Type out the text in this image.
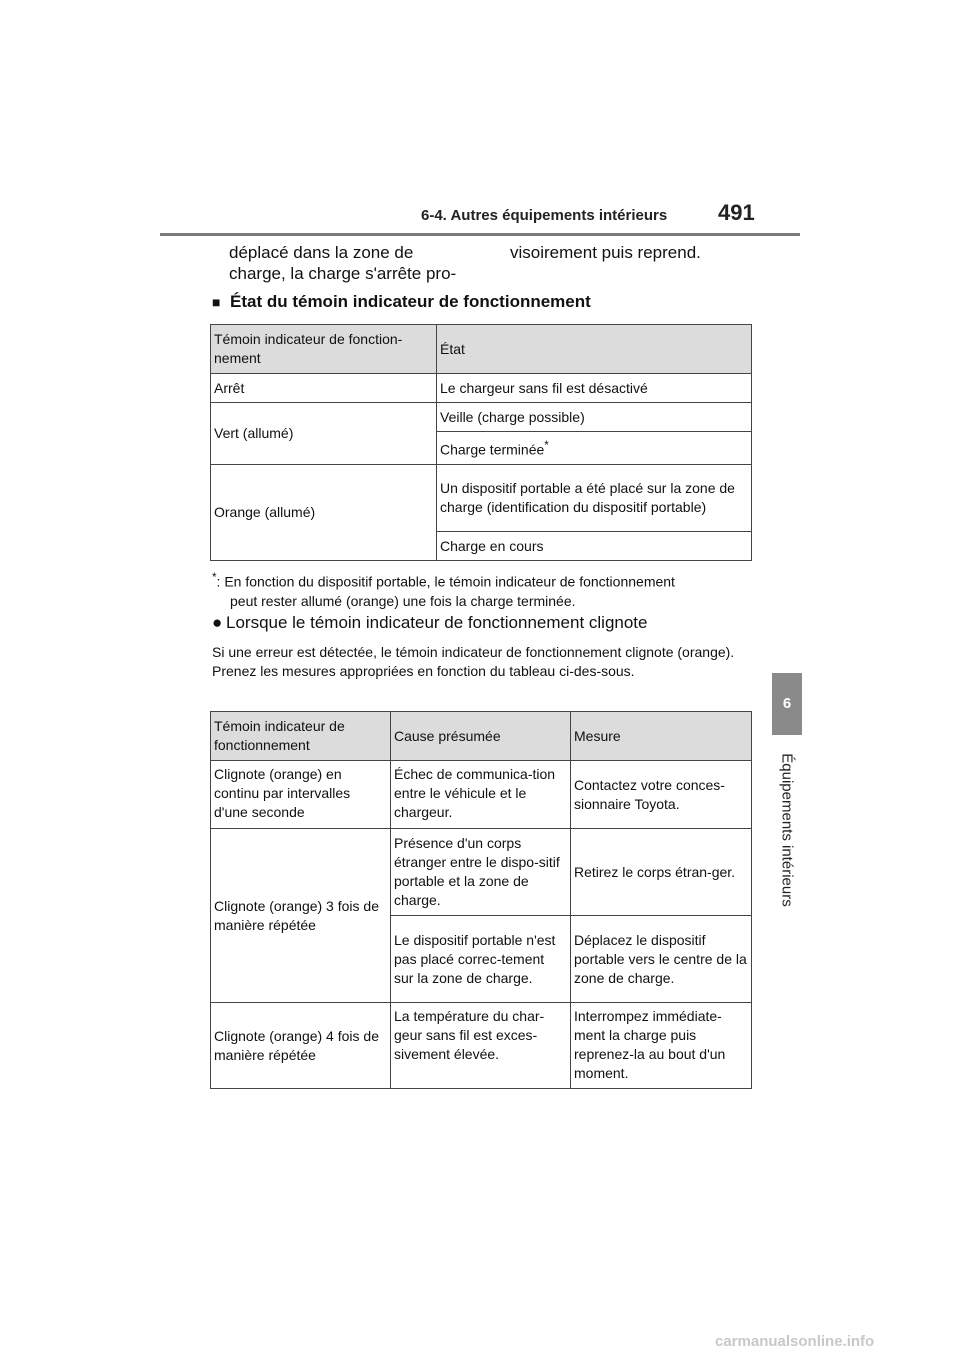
6-4. Autres équipements intérieurs 491
6
Équipements intérieurs
déplacé dans la zone de
charge, la charge s'arrête pro-
visoirement puis reprend.
■ État du témoin indicateur de fonctionnement
Témoin indicateur de fonction-
nement	État
Arrêt	Le chargeur sans fil est désactivé
Vert (allumé)	Veille (charge possible)
	Charge terminée*
Orange (allumé)	Un dispositif portable a été placé sur la zone de charge (identification du dispositif portable)
	Charge en cours
*: En fonction du dispositif portable, le témoin indicateur de fonctionnement
peut rester allumé (orange) une fois la charge terminée.
● Lorsque le témoin indicateur de fonctionnement clignote
Si une erreur est détectée, le témoin indicateur de fonctionnement clignote (orange). Prenez les mesures appropriées en fonction du tableau ci-des-sous.
Témoin indicateur de fonctionnement	Cause présumée	Mesure
Clignote (orange) en continu par intervalles d'une seconde	Échec de communica-tion entre le véhicule et le chargeur.	Contactez votre conces-sionnaire Toyota.
Clignote (orange) 3 fois de manière répétée	Présence d'un corps étranger entre le dispo-sitif portable et la zone de charge.	Retirez le corps étran-ger.
	Le dispositif portable n'est pas placé correc-tement sur la zone de charge.	Déplacez le dispositif portable vers le centre de la zone de charge.
Clignote (orange) 4 fois de manière répétée	La température du char-geur sans fil est exces-sivement élevée.	Interrompez immédiate-ment la charge puis reprenez-la au bout d'un moment.
carmanualsonline.info
